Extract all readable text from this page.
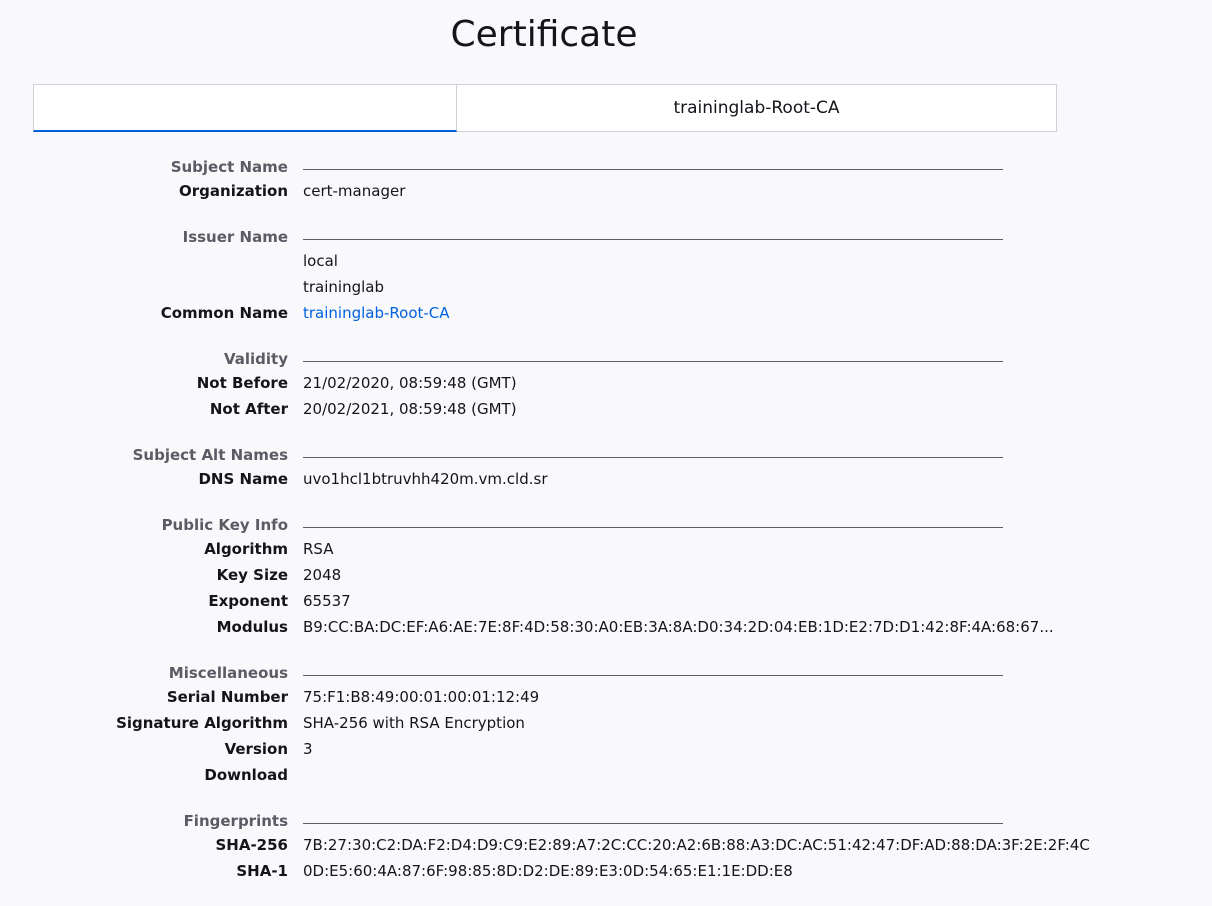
Certificate
traininglab-Root-CA
Subject Name
Organization cert-manager
Issuer Name
local
traininglab
Common Name traininglab-Root-CA
Validity
Not Before 21/02/2020, 08:59:48 (GMT)
Not After 20/02/2021, 08:59:48 (GMT)
Subject Alt Names
DNS Name uvo1hcl1btruvhh420m.vm.cld.sr
Public Key Info
Algorithm RSA
Key Size 2048
Exponent 65537
Modulus B9:CC:BA:DC:EF:A6:AE:7E:8F:4D:58:30:A0:EB:3A:8A:D0:34:2D:04:EB:1D:E2:7D:D1:42:8F:4A:68:67...
Miscellaneous
Serial Number 75:F1:B8:49:00:01:00:01:12:49
Signature Algorithm SHA-256 with RSA Encryption
Version 3
Download
Fingerprints
SHA-256 7B:27:30:C2:DA:F2:D4:D9:C9:E2:89:A7:2C:CC:20:A2:6B:88:A3:DC:AC:51:42:47:DF:AD:88:DA:3F:2E:2F:4C
SHA-1 0D:E5:60:4A:87:6F:98:85:8D:D2:DE:89:E3:0D:54:65:E1:1E:DD:E8
